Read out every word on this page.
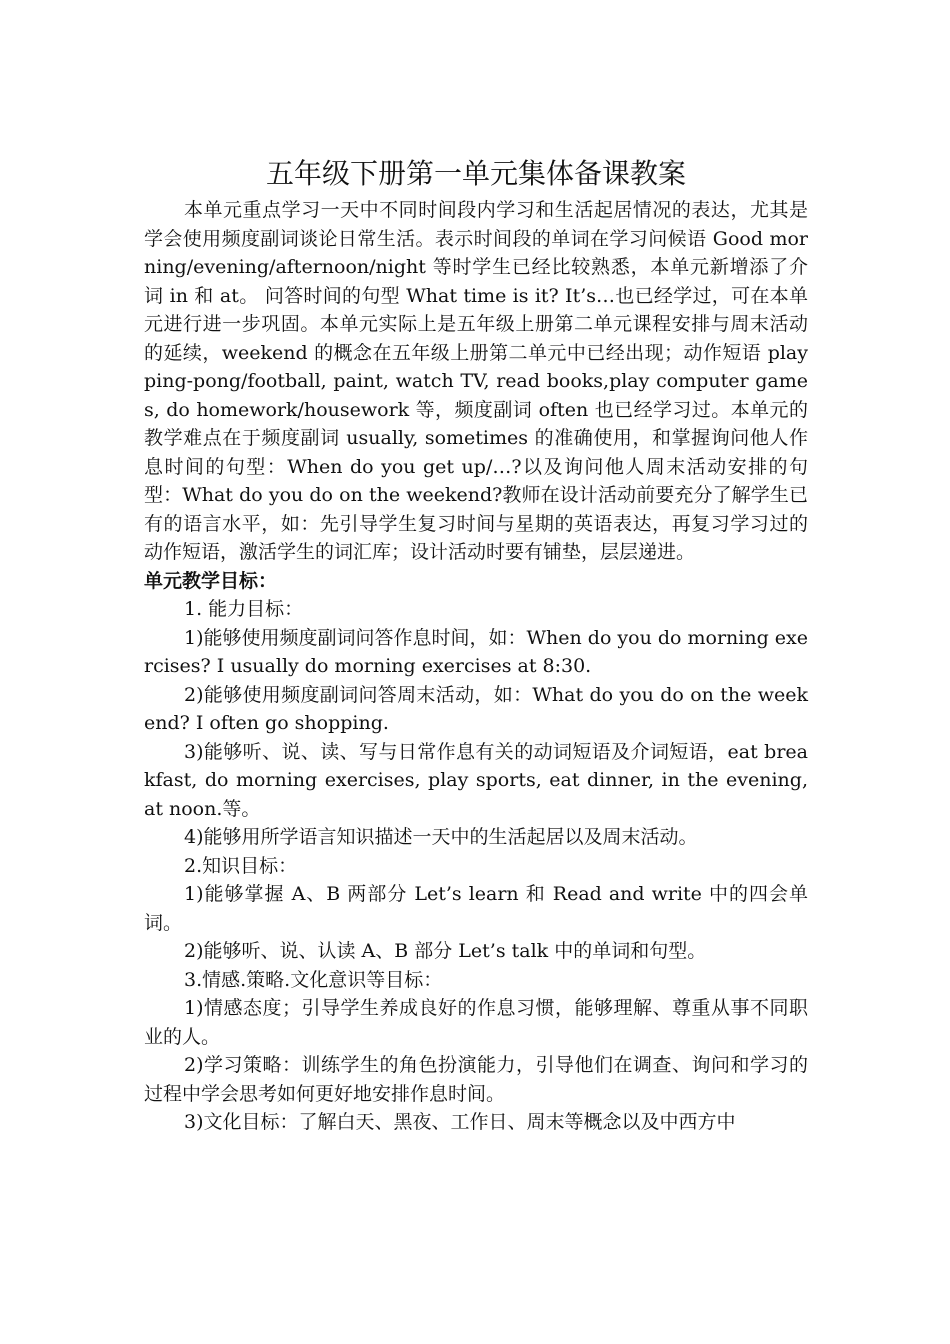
五年级下册第一单元集体备课教案

本单元重点学习一天中不同时间段内学习和生活起居情况的表达，尤其是学会使用频度副词谈论日常生活。表示时间段的单词在学习问候语 Good morning/evening/afternoon/night 等时学生已经比较熟悉，本单元新增添了介词 in 和 at。 问答时间的句型 What time is it? It’s…也已经学过，可在本单元进行进一步巩固。本单元实际上是五年级上册第二单元课程安排与周末活动的延续，weekend 的概念在五年级上册第二单元中已经出现；动作短语 play ping-pong/football, paint, watch TV, read books,play computer games, do homework/housework 等，频度副词 often 也已经学习过。本单元的教学难点在于频度副词 usually, sometimes 的准确使用，和掌握询问他人作息时间的句型：When do you get up/…?以及询问他人周末活动安排的句型：What do you do on the weekend?教师在设计活动前要充分了解学生已有的语言水平，如：先引导学生复习时间与星期的英语表达，再复习学习过的动作短语，激活学生的词汇库；设计活动时要有铺垫，层层递进。

单元教学目标：

1. 能力目标：

1)能够使用频度副词问答作息时间，如：When do you do morning exercises? I usually do morning exercises at 8:30.

2)能够使用频度副词问答周末活动，如：What do you do on the weekend? I often go shopping.

3)能够听、说、读、写与日常作息有关的动词短语及介词短语，eat breakfast, do morning exercises, play sports, eat dinner, in the evening, at noon.等。

4)能够用所学语言知识描述一天中的生活起居以及周末活动。

2.知识目标：

1)能够掌握 A、B 两部分 Let’s learn 和 Read and write 中的四会单词。

2)能够听、说、认读 A、B 部分 Let’s talk 中的单词和句型。

3.情感.策略.文化意识等目标：

1)情感态度；引导学生养成良好的作息习惯，能够理解、尊重从事不同职业的人。

2)学习策略：训练学生的角色扮演能力，引导他们在调查、询问和学习的过程中学会思考如何更好地安排作息时间。

3)文化目标：了解白天、黑夜、工作日、周末等概念以及中西方中
